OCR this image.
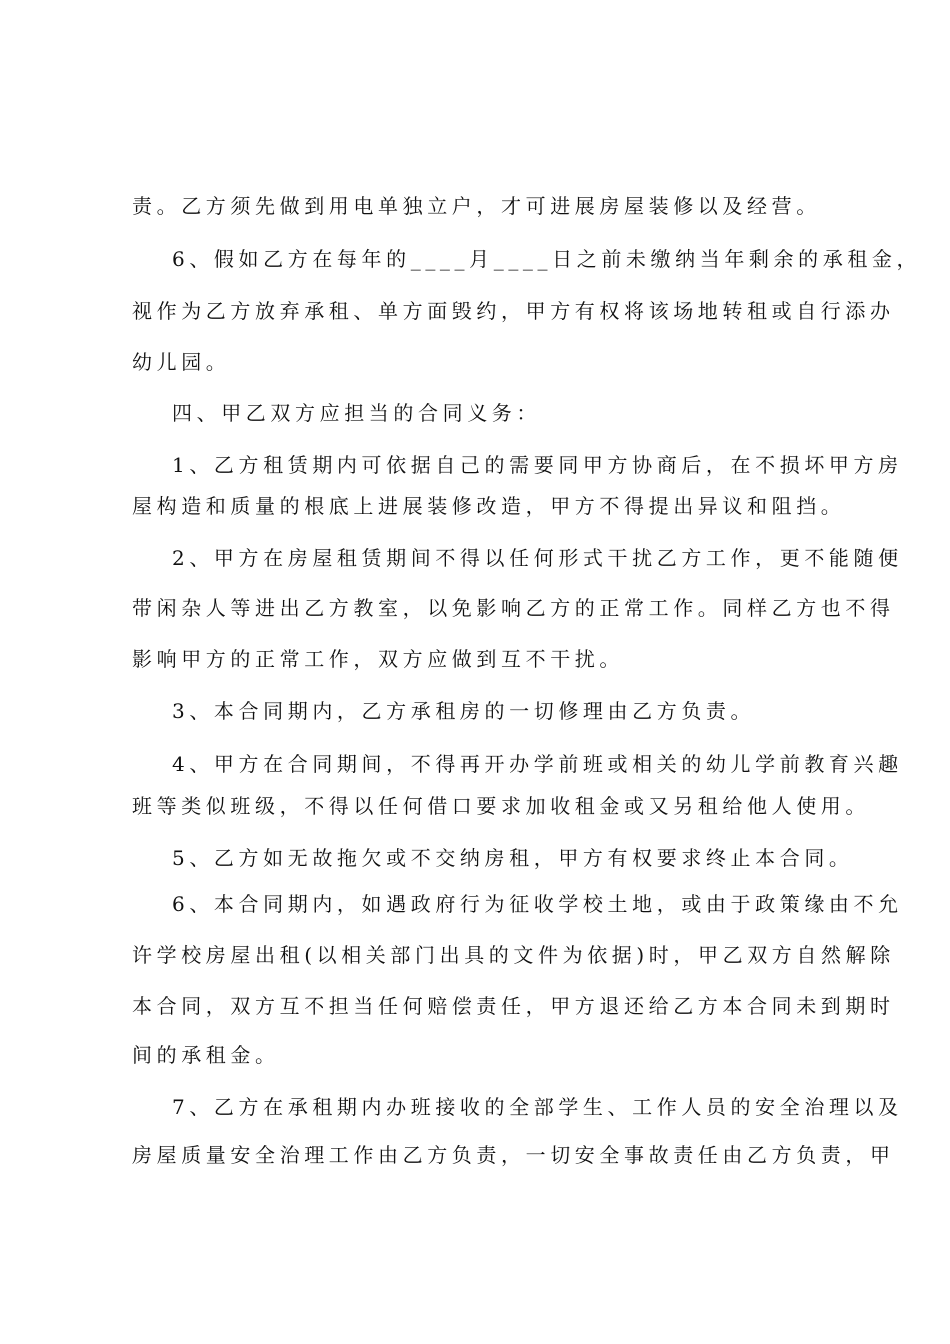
责。乙方须先做到用电单独立户，才可进展房屋装修以及经营。
6、假如乙方在每年的____月____日之前未缴纳当年剩余的承租金，
视作为乙方放弃承租、单方面毁约，甲方有权将该场地转租或自行添办
幼儿园。
四、甲乙双方应担当的合同义务：
1、乙方租赁期内可依据自己的需要同甲方协商后，在不损坏甲方房
屋构造和质量的根底上进展装修改造，甲方不得提出异议和阻挡。
2、甲方在房屋租赁期间不得以任何形式干扰乙方工作，更不能随便
带闲杂人等进出乙方教室，以免影响乙方的正常工作。同样乙方也不得
影响甲方的正常工作，双方应做到互不干扰。
3、本合同期内，乙方承租房的一切修理由乙方负责。
4、甲方在合同期间，不得再开办学前班或相关的幼儿学前教育兴趣
班等类似班级，不得以任何借口要求加收租金或又另租给他人使用。
5、乙方如无故拖欠或不交纳房租，甲方有权要求终止本合同。
6、本合同期内，如遇政府行为征收学校土地，或由于政策缘由不允
许学校房屋出租(以相关部门出具的文件为依据)时，甲乙双方自然解除
本合同，双方互不担当任何赔偿责任，甲方退还给乙方本合同未到期时
间的承租金。
7、乙方在承租期内办班接收的全部学生、工作人员的安全治理以及
房屋质量安全治理工作由乙方负责，一切安全事故责任由乙方负责，甲
